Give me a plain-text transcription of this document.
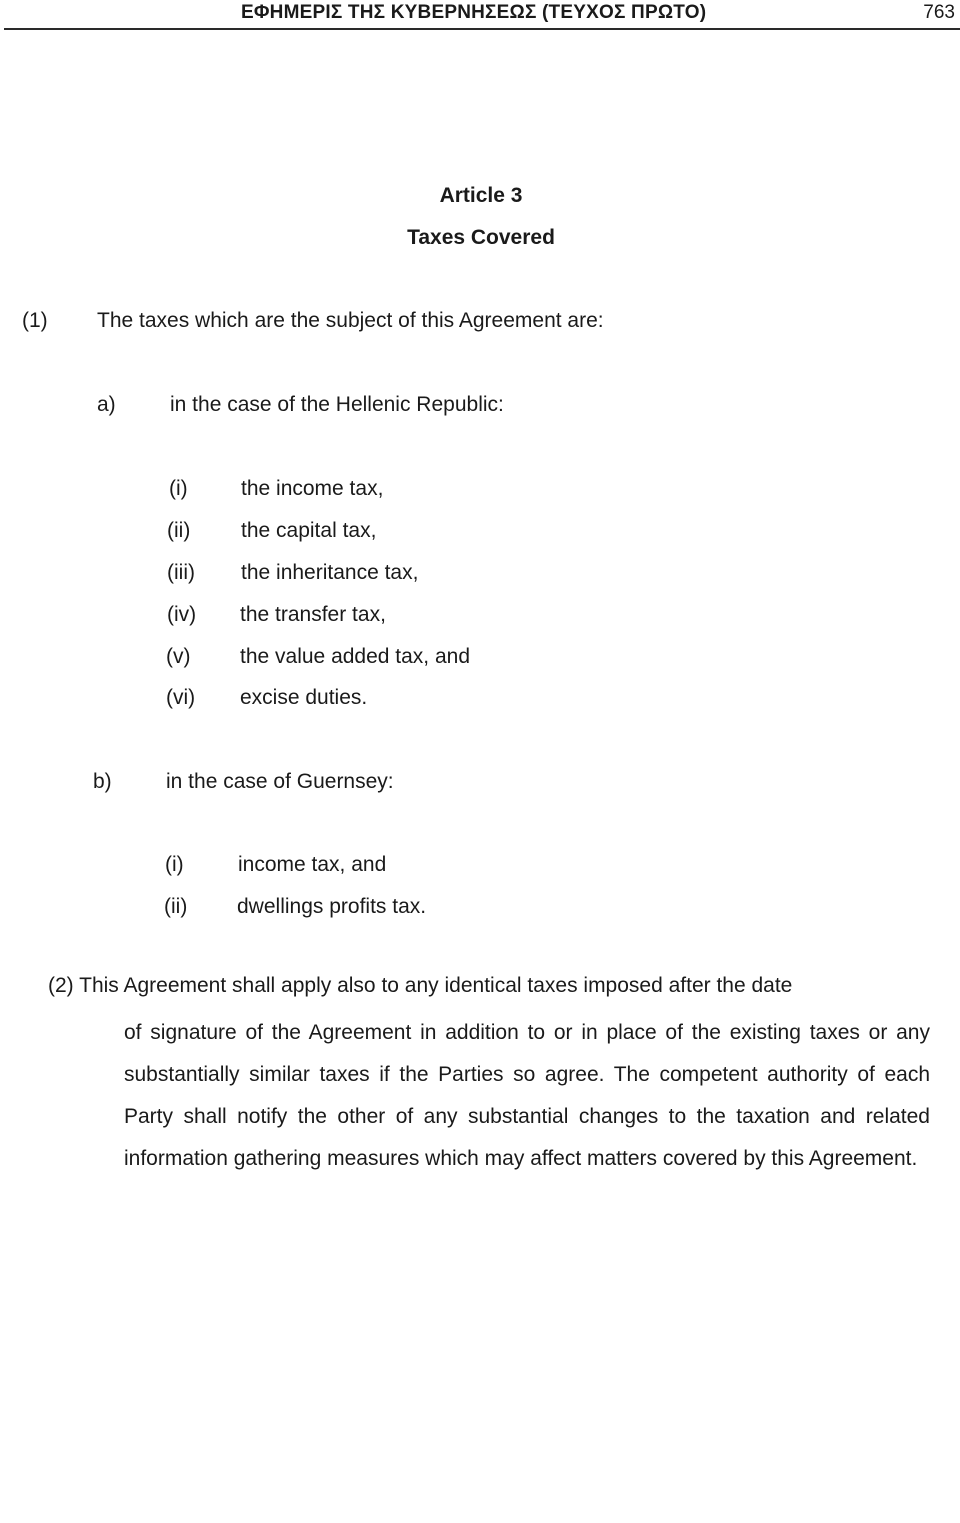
ΕΦΗΜΕΡΙΣ ΤΗΣ ΚΥΒΕΡΝΗΣΕΩΣ (ΤΕΥΧΟΣ ΠΡΩΤΟ)	763
Article 3
Taxes Covered
(1) The taxes which are the subject of this Agreement are:
a)	in the case of the Hellenic Republic:
(i)	the income tax,
(ii) the capital tax,
(iii) the inheritance tax,
(iv) the transfer tax,
(v) the value added tax, and
(vi) excise duties.
b)	in the case of Guernsey:
(i)	income tax, and
(ii) dwellings profits tax.
(2) This Agreement shall apply also to any identical taxes imposed after the date
of signature of the Agreement in addition to or in place of the existing taxes or any substantially similar taxes if the Parties so agree. The competent authority of each Party shall notify the other of any substantial changes to the taxation and related information gathering measures which may affect matters covered by this Agreement.
